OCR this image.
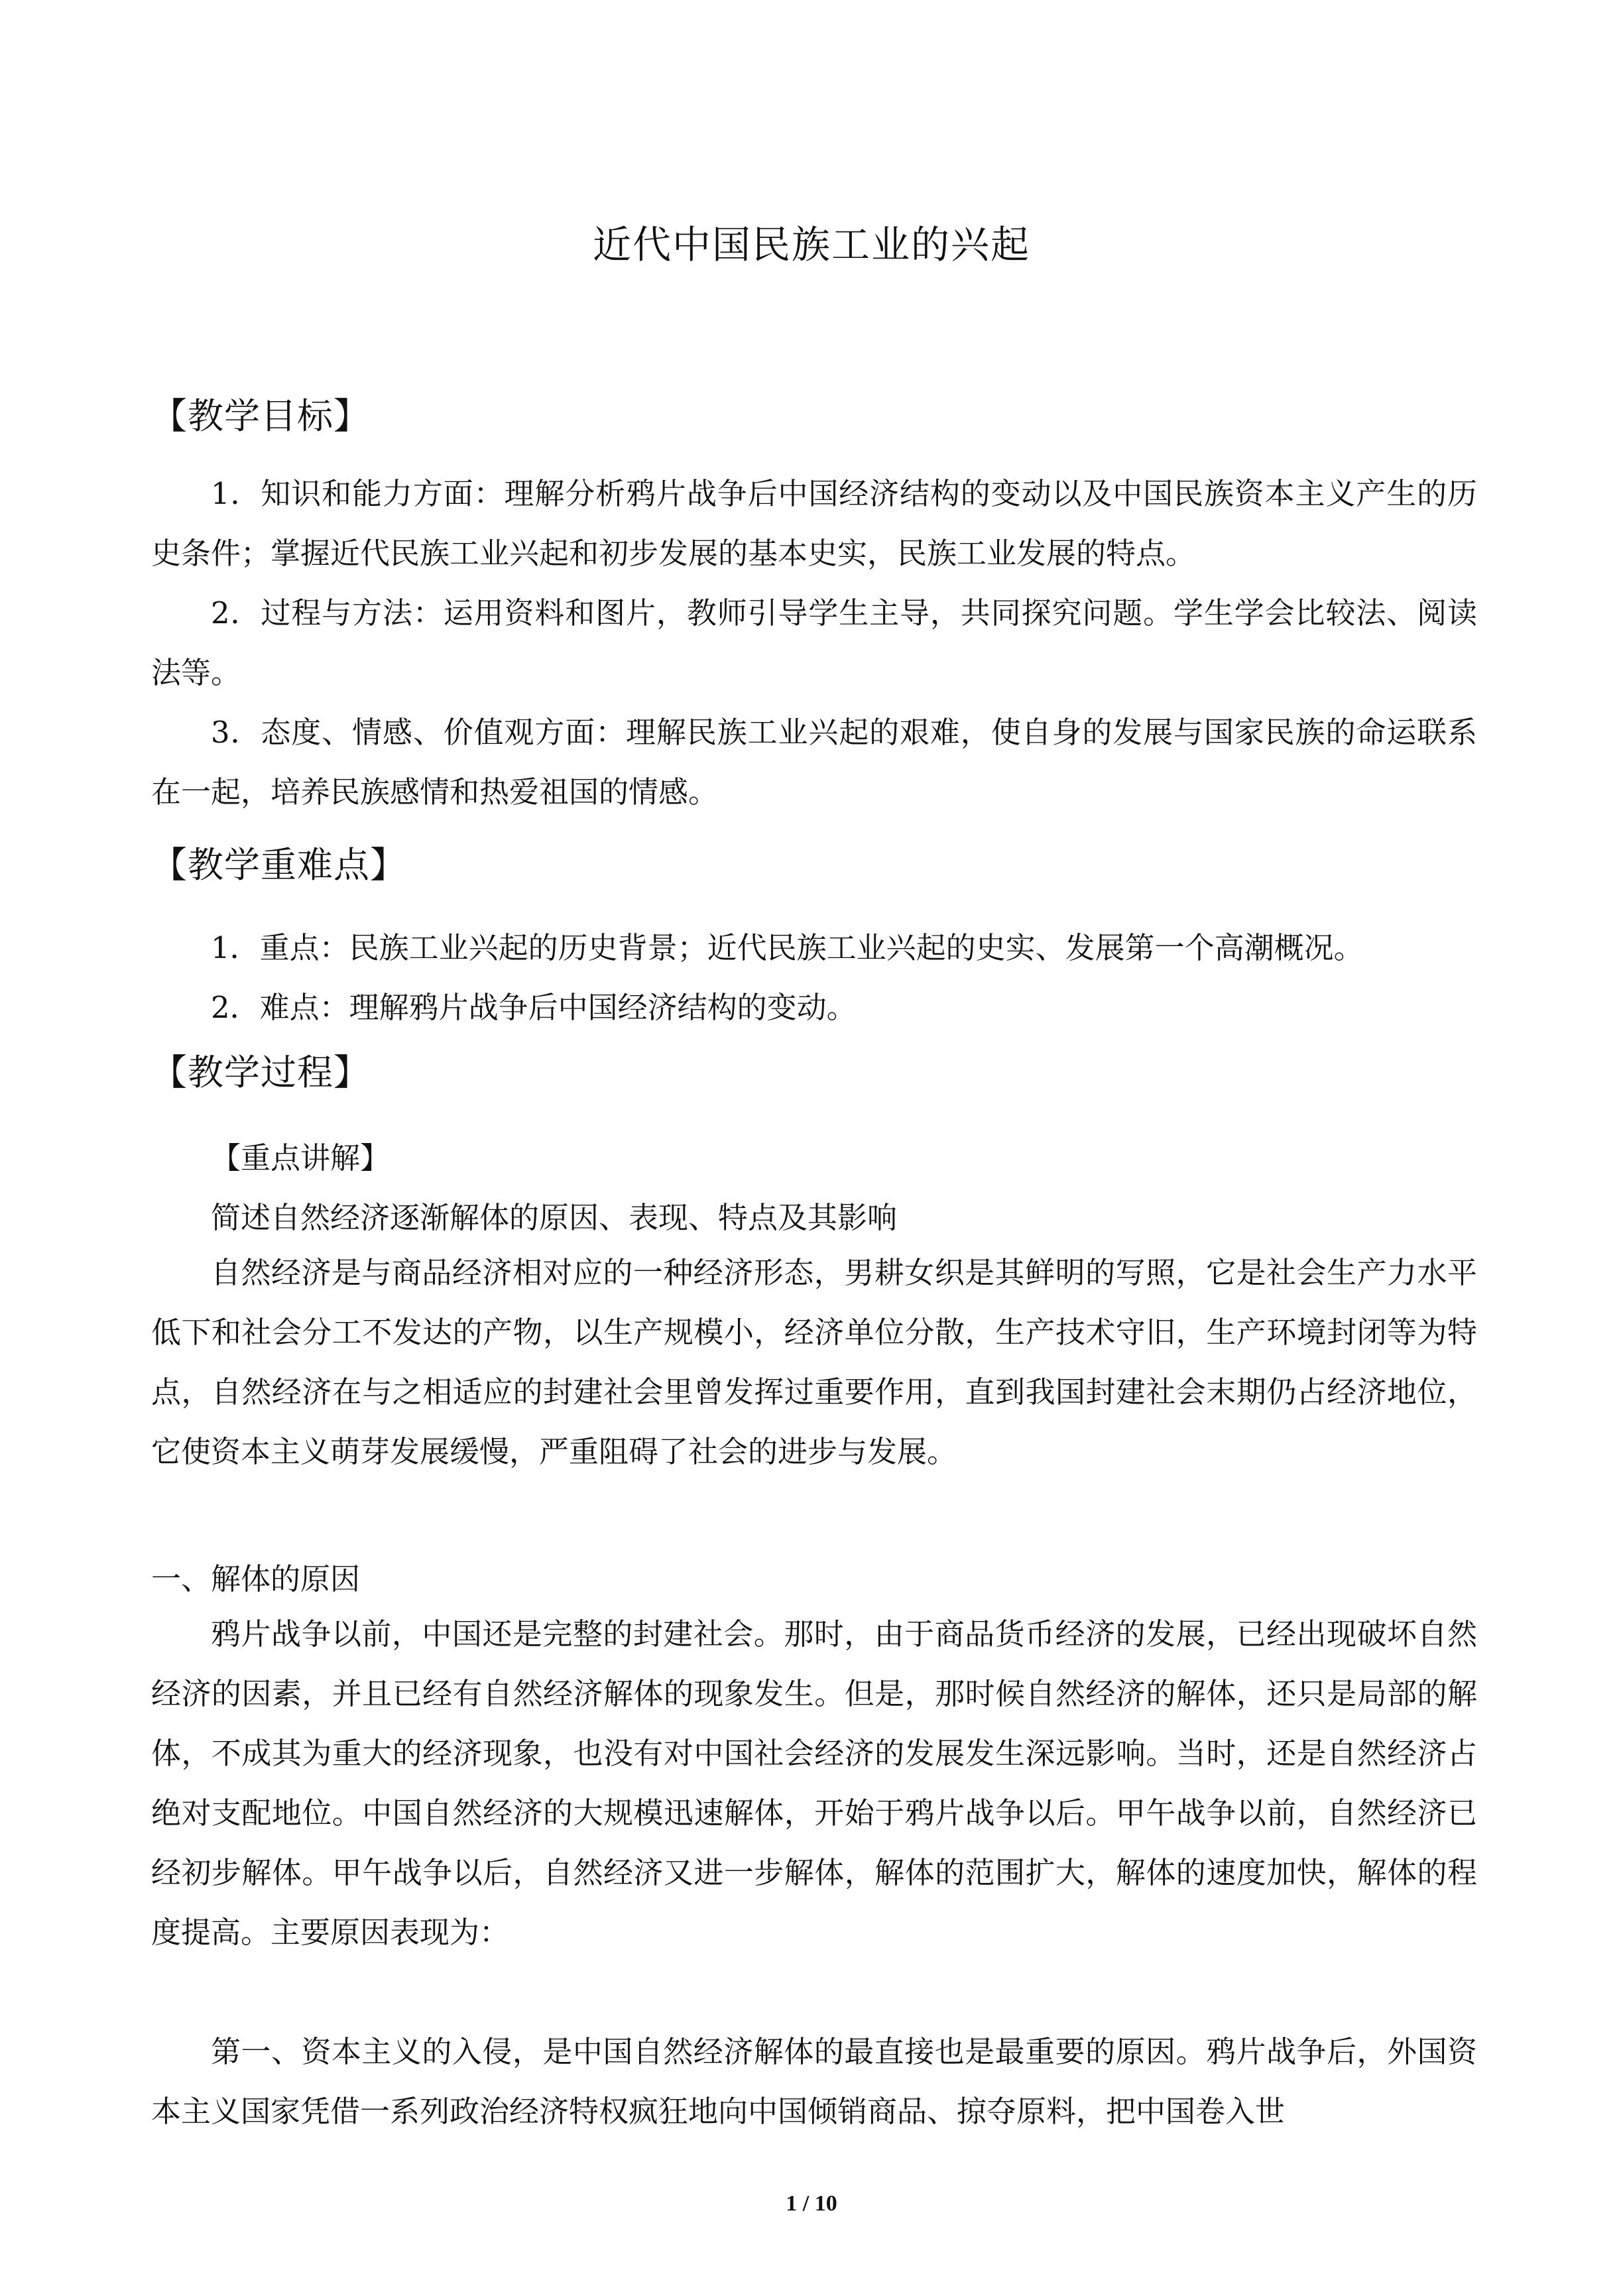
近代中国民族工业的兴起
【教学目标】

1．知识和能力方面：理解分析鸦片战争后中国经济结构的变动以及中国民族资本主义产生的历史条件；掌握近代民族工业兴起和初步发展的基本史实，民族工业发展的特点。

2．过程与方法：运用资料和图片，教师引导学生主导，共同探究问题。学生学会比较法、阅读法等。

3．态度、情感、价值观方面：理解民族工业兴起的艰难，使自身的发展与国家民族的命运联系在一起，培养民族感情和热爱祖国的情感。

【教学重难点】

1．重点：民族工业兴起的历史背景；近代民族工业兴起的史实、发展第一个高潮概况。

2．难点：理解鸦片战争后中国经济结构的变动。

【教学过程】

【重点讲解】

简述自然经济逐渐解体的原因、表现、特点及其影响

自然经济是与商品经济相对应的一种经济形态，男耕女织是其鲜明的写照，它是社会生产力水平低下和社会分工不发达的产物，以生产规模小，经济单位分散，生产技术守旧，生产环境封闭等为特点，自然经济在与之相适应的封建社会里曾发挥过重要作用，直到我国封建社会末期仍占经济地位，它使资本主义萌芽发展缓慢，严重阻碍了社会的进步与发展。

一、解体的原因

鸦片战争以前，中国还是完整的封建社会。那时，由于商品货币经济的发展，已经出现破坏自然经济的因素，并且已经有自然经济解体的现象发生。但是，那时候自然经济的解体，还只是局部的解体，不成其为重大的经济现象，也没有对中国社会经济的发展发生深远影响。当时，还是自然经济占绝对支配地位。中国自然经济的大规模迅速解体，开始于鸦片战争以后。甲午战争以前，自然经济已经初步解体。甲午战争以后，自然经济又进一步解体，解体的范围扩大，解体的速度加快，解体的程度提高。主要原因表现为：

第一、资本主义的入侵，是中国自然经济解体的最直接也是最重要的原因。鸦片战争后，外国资本主义国家凭借一系列政治经济特权疯狂地向中国倾销商品、掠夺原料，把中国卷入世

1 / 10
